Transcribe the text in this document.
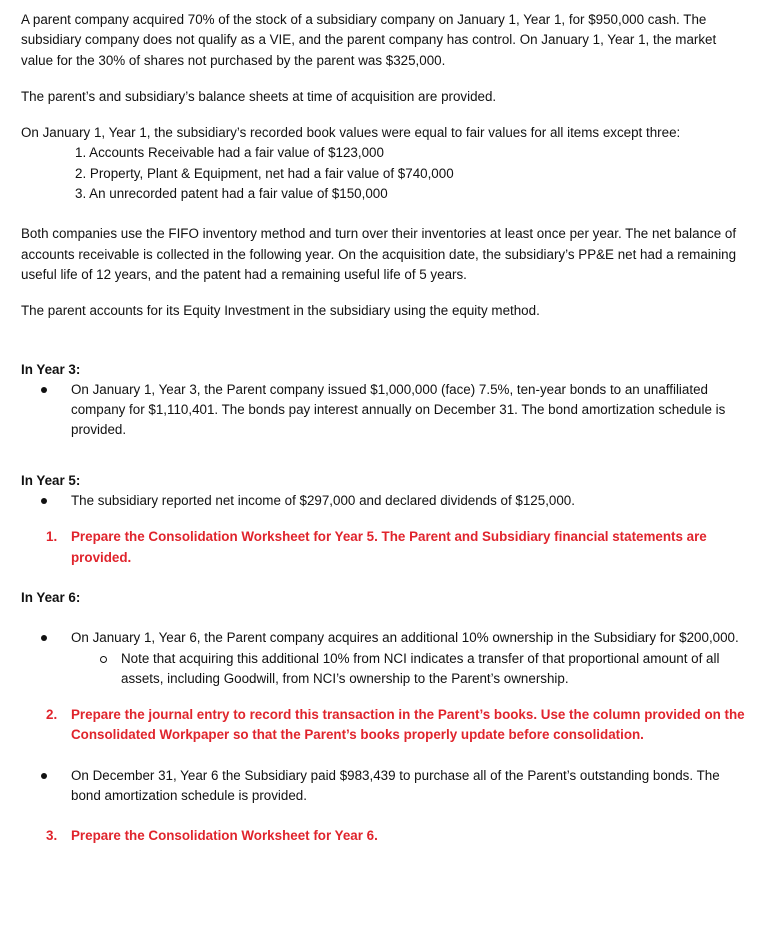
A parent company acquired 70% of the stock of a subsidiary company on January 1, Year 1, for $950,000 cash. The subsidiary company does not qualify as a VIE, and the parent company has control. On January 1, Year 1, the market value for the 30% of shares not purchased by the parent was $325,000.

The parent’s and subsidiary’s balance sheets at time of acquisition are provided.

On January 1, Year 1, the subsidiary’s recorded book values were equal to fair values for all items except three:

1. Accounts Receivable had a fair value of $123,000
2. Property, Plant & Equipment, net had a fair value of $740,000
3. An unrecorded patent had a fair value of $150,000

Both companies use the FIFO inventory method and turn over their inventories at least once per year. The net balance of accounts receivable is collected in the following year. On the acquisition date, the subsidiary’s PP&E net had a remaining useful life of 12 years, and the patent had a remaining useful life of 5 years.

The parent accounts for its Equity Investment in the subsidiary using the equity method.

In Year 3:

On January 1, Year 3, the Parent company issued $1,000,000 (face) 7.5%, ten-year bonds to an unaffiliated company for $1,110,401. The bonds pay interest annually on December 31. The bond amortization schedule is provided.

In Year 5:

The subsidiary reported net income of $297,000 and declared dividends of $125,000.
1. Prepare the Consolidation Worksheet for Year 5. The Parent and Subsidiary financial statements are provided.

In Year 6:

On January 1, Year 6, the Parent company acquires an additional 10% ownership in the Subsidiary for $200,000.
Note that acquiring this additional 10% from NCI indicates a transfer of that proportional amount of all assets, including Goodwill, from NCI’s ownership to the Parent’s ownership.
2. Prepare the journal entry to record this transaction in the Parent’s books. Use the column provided on the Consolidated Workpaper so that the Parent’s books properly update before consolidation.
On December 31, Year 6 the Subsidiary paid $983,439 to purchase all of the Parent’s outstanding bonds. The bond amortization schedule is provided.
3. Prepare the Consolidation Worksheet for Year 6.
